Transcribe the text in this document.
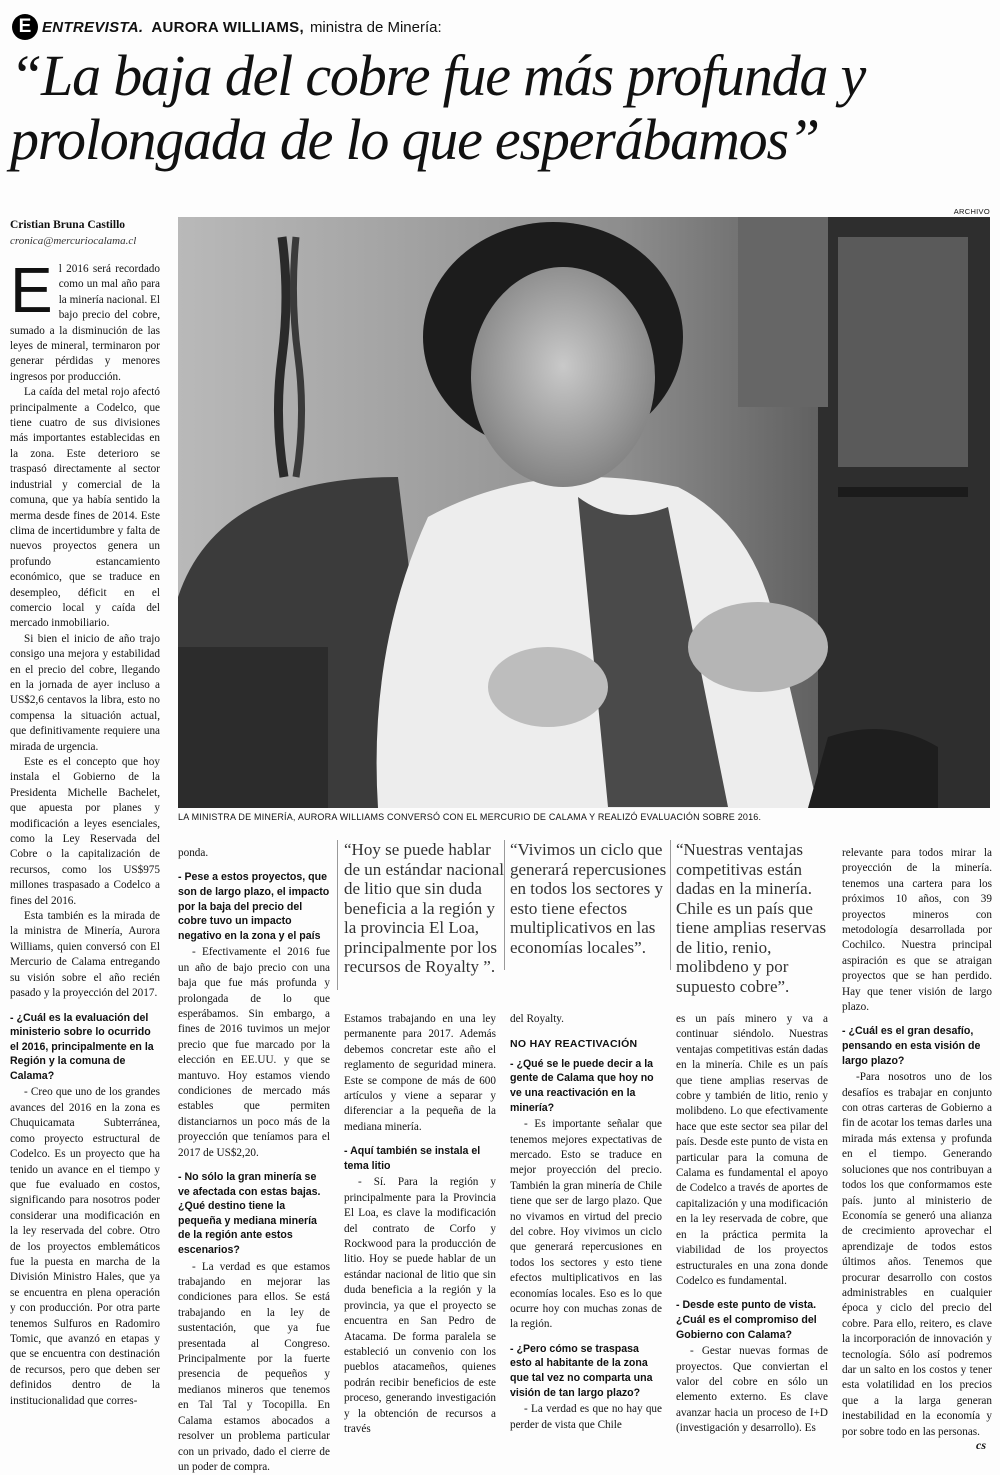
E ENTREVISTA. AURORA WILLIAMS, ministra de Minería:
“La baja del cobre fue más profunda y prolongada de lo que esperábamos”
Cristian Bruna Castillo
cronica@mercuriocalama.cl
ARCHIVO
LA MINISTRA DE MINERÍA, AURORA WILLIAMS CONVERSÓ CON EL MERCURIO DE CALAMA Y REALIZÓ EVALUACIÓN SOBRE 2016.
E l 2016 será recordado como un mal año para la minería nacional. El bajo precio del cobre, sumado a la disminución de las leyes de mineral, terminaron por generar pérdidas y menores ingresos por producción.

La caída del metal rojo afectó principalmente a Codelco, que tiene cuatro de sus divisiones más importantes establecidas en la zona. Este deterioro se traspasó directamente al sector industrial y comercial de la comuna, que ya había sentido la merma desde fines de 2014. Este clima de incertidumbre y falta de nuevos proyectos genera un profundo estancamiento económico, que se traduce en desempleo, déficit en el comercio local y caída del mercado inmobiliario.

Si bien el inicio de año trajo consigo una mejora y estabilidad en el precio del cobre, llegando en la jornada de ayer incluso a US$2,6 centavos la libra, esto no compensa la situación actual, que definitivamente requiere una mirada de urgencia.

Este es el concepto que hoy instala el Gobierno de la Presidenta Michelle Bachelet, que apuesta por planes y modificación a leyes esenciales, como la Ley Reservada del Cobre o la capitalización de recursos, como los US$975 millones traspasado a Codelco a fines del 2016.

Esta también es la mirada de la ministra de Minería, Aurora Williams, quien conversó con El Mercurio de Calama entregando su visión sobre el año recién pasado y la proyección del 2017.

- ¿Cuál es la evaluación del ministerio sobre lo ocurrido el 2016, principalmente en la Región y la comuna de Calama?

- Creo que uno de los grandes avances del 2016 en la zona es Chuquicamata Subterránea, como proyecto estructural de Codelco. Es un proyecto que ha tenido un avance en el tiempo y que fue evaluado en costos, significando para nosotros poder considerar una modificación en la ley reservada del cobre. Otro de los proyectos emblemáticos fue la puesta en marcha de la División Ministro Hales, que ya se encuentra en plena operación y con producción. Por otra parte tenemos Sulfuros en Radomiro Tomic, que avanzó en etapas y que se encuentra con destinación de recursos, pero que deben ser definidos dentro de la institucionalidad que corres-

ponda.

- Pese a estos proyectos, que son de largo plazo, el impacto por la baja del precio del cobre tuvo un impacto negativo en la zona y el país

- Efectivamente el 2016 fue un año de bajo precio con una baja que fue más profunda y prolongada de lo que esperábamos. Sin embargo, a fines de 2016 tuvimos un mejor precio que fue marcado por la elección en EE.UU. y que se mantuvo. Hoy estamos viendo condiciones de mercado más estables que permiten distanciarnos un poco más de la proyección que teníamos para el 2017 de US$2,20.

- No sólo la gran minería se ve afectada con estas bajas. ¿Qué destino tiene la pequeña y mediana minería de la región ante estos escenarios?

- La verdad es que estamos trabajando en mejorar las condiciones para ellos. Se está trabajando en la ley de sustentación, que ya fue presentada al Congreso. Principalmente por la fuerte presencia de pequeños y medianos mineros que tenemos en Tal Tal y Tocopilla. En Calama estamos abocados a resolver un problema particular con un privado, dado el cierre de un poder de compra.

“Hoy se puede hablar de un estándar nacional de litio que sin duda beneficia a la región y la provincia El Loa, principalmente por los recursos de Royalty ”.

Estamos trabajando en una ley permanente para 2017. Además debemos concretar este año el reglamento de seguridad minera. Este se compone de más de 600 artículos y viene a separar y diferenciar a la pequeña de la mediana minería.

- Aquí también se instala el tema litio

- Sí. Para la región y principalmente para la Provincia El Loa, es clave la modificación del contrato de Corfo y Rockwood para la producción de litio. Hoy se puede hablar de un estándar nacional de litio que sin duda beneficia a la región y la provincia, ya que el proyecto se encuentra en San Pedro de Atacama. De forma paralela se estableció un convenio con los pueblos atacameños, quienes podrán recibir beneficios de este proceso, generando investigación y la obtención de recursos a través

“Vivimos un ciclo que generará repercusiones en todos los sectores y esto tiene efectos multiplicativos en las economías locales”.

del Royalty.

NO HAY REACTIVACIÓN

- ¿Qué se le puede decir a la gente de Calama que hoy no ve una reactivación en la minería?

- Es importante señalar que tenemos mejores expectativas de mercado. Esto se traduce en mejor proyección del precio. También la gran minería de Chile tiene que ser de largo plazo. Que no vivamos en virtud del precio del cobre. Hoy vivimos un ciclo que generará repercusiones en todos los sectores y esto tiene efectos multiplicativos en las economías locales. Eso es lo que ocurre hoy con muchas zonas de la región.

- ¿Pero cómo se traspasa esto al habitante de la zona que tal vez no comparta una visión de tan largo plazo?

- La verdad es que no hay que perder de vista que Chile

“Nuestras ventajas competitivas están dadas en la minería. Chile es un país que tiene amplias reservas de litio, renio, molibdeno y por supuesto cobre”.

es un país minero y va a continuar siéndolo. Nuestras ventajas competitivas están dadas en la minería. Chile es un país que tiene amplias reservas de cobre y también de litio, renio y molibdeno. Lo que efectivamente hace que este sector sea pilar del país. Desde este punto de vista en particular para la comuna de Calama es fundamental el apoyo de Codelco a través de aportes de capitalización y una modificación en la ley reservada de cobre, que en la práctica permita la viabilidad de los proyectos estructurales en una zona donde Codelco es fundamental.

- Desde este punto de vista. ¿Cuál es el compromiso del Gobierno con Calama?

- Gestar nuevas formas de proyectos. Que conviertan el valor del cobre en sólo un elemento externo. Es clave avanzar hacia un proceso de I+D (investigación y desarrollo). Es

relevante para todos mirar la proyección de la minería. tenemos una cartera para los próximos 10 años, con 39 proyectos mineros con metodología desarrollada por Cochilco. Nuestra principal aspiración es que se atraigan proyectos que se han perdido. Hay que tener visión de largo plazo.

- ¿Cuál es el gran desafío, pensando en esta visión de largo plazo?

-Para nosotros uno de los desafíos es trabajar en conjunto con otras carteras de Gobierno a fin de acotar los temas darles una mirada más extensa y profunda en el tiempo. Generando soluciones que nos contribuyan a todos los que conformamos este país. junto al ministerio de Economía se generó una alianza de crecimiento aprovechar el aprendizaje de todos estos últimos años. Tenemos que procurar desarrollo con costos administrables en cualquier época y ciclo del precio del cobre. Para ello, reitero, es clave la incorporación de innovación y tecnología. Sólo así podremos dar un salto en los costos y tener esta volatilidad en los precios que a la larga generan inestabilidad en la economía y por sobre todo en las personas.

cs
